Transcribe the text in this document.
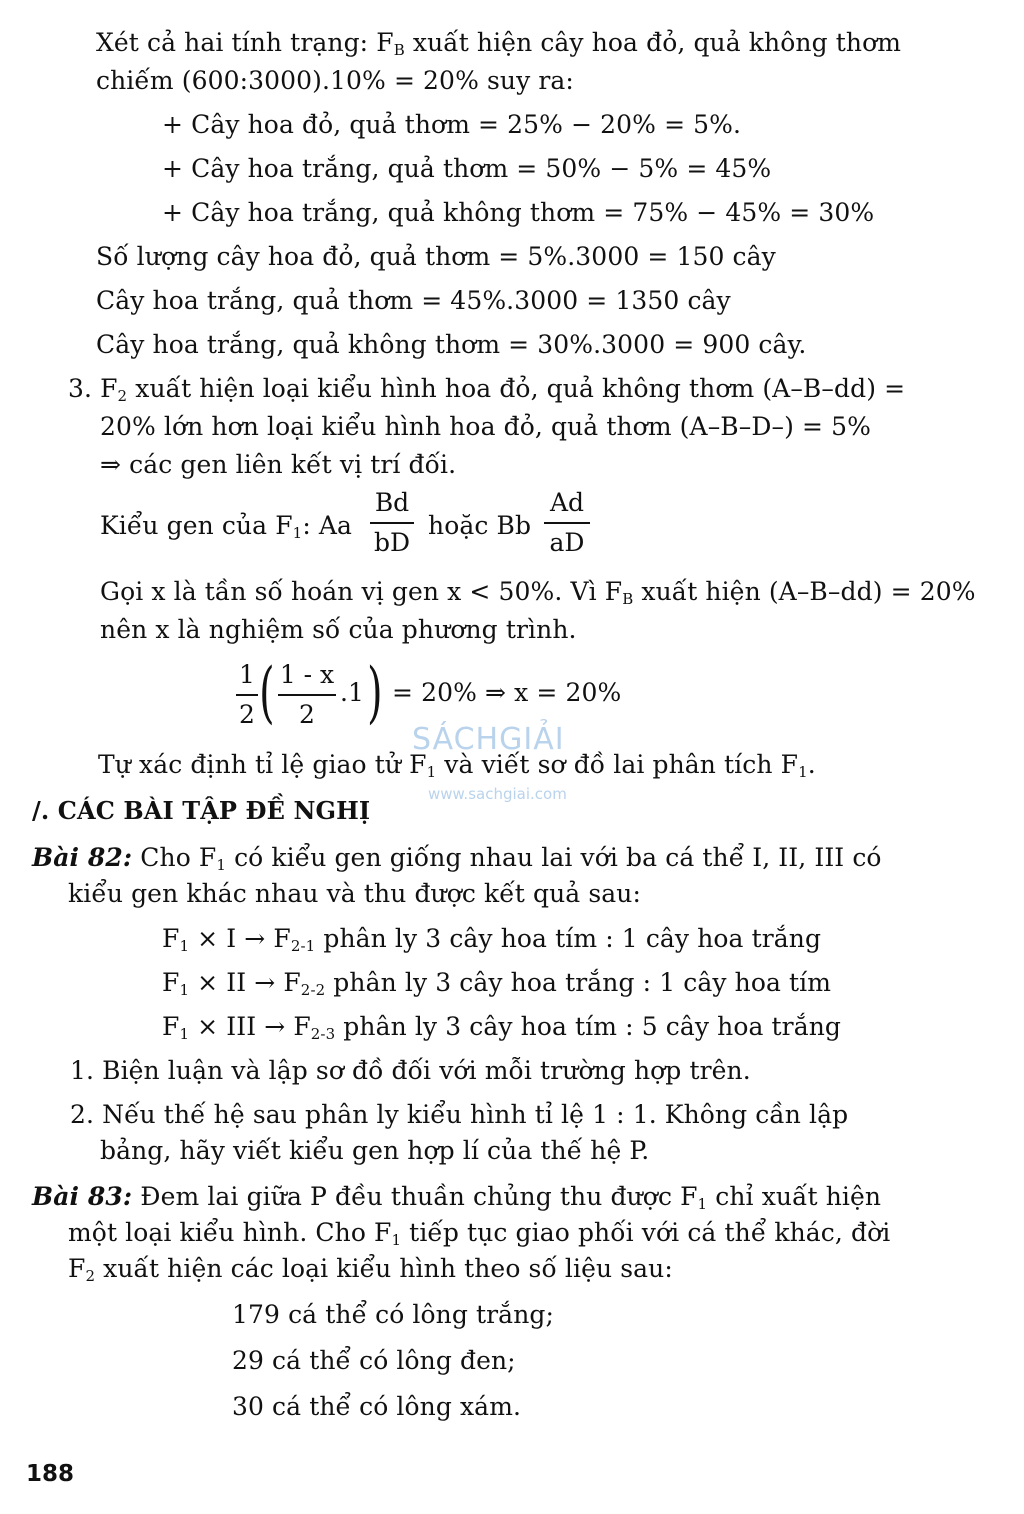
Xét cả hai tính trạng: $F_B$ xuất hiện cây hoa đỏ, quả không thơm
chiếm (600:3000).10% = 20% suy ra:
+ Cây hoa đỏ, quả thơm = 25% − 20% = 5%.
+ Cây hoa trắng, quả thơm = 50% − 5% = 45%
+ Cây hoa trắng, quả không thơm = 75% − 45% = 30%
Số lượng cây hoa đỏ, quả thơm = 5%.3000 = 150 cây
Cây hoa trắng, quả thơm = 45%.3000 = 1350 cây
Cây hoa trắng, quả không thơm = 30%.3000 = 900 cây.
3. $F_2$ xuất hiện loại kiểu hình hoa đỏ, quả không thơm (A–B–dd) =
20% lớn hơn loại kiểu hình hoa đỏ, quả thơm (A–B–D–) = 5%
⇒ các gen liên kết vị trí đối.
Kiểu gen của $F_1$: Aa
Bd
bD
hoặc Bb
Ad
aD
Gọi x là tần số hoán vị gen x < 50%. Vì $F_B$ xuất hiện (A–B–dd) = 20%
nên x là nghiệm số của phương trình.
1
2 ( 1 - x
2
.1 ) = 20% ⇒ x = 20%
SÁCHGIẢI
www.sachgiai.com
Tự xác định tỉ lệ giao tử $F_1$ và viết sơ đồ lai phân tích $F_1$.
/. CÁC BÀI TẬP ĐỀ NGHỊ
Bài 82: Cho $F_1$ có kiểu gen giống nhau lai với ba cá thể I, II, III có
kiểu gen khác nhau và thu được kết quả sau:
$F_1 \times I \to F_{2-1}$ phân ly 3 cây hoa tím : 1 cây hoa trắng
$F_1$ × II → $F_{2-2}$ phân ly 3 cây hoa trắng : 1 cây hoa tím
$F_1$ × III → $F_{2-3}$ phân ly 3 cây hoa tím : 5 cây hoa trắng
1. Biện luận và lập sơ đồ đối với mỗi trường hợp trên.
2. Nếu thế hệ sau phân ly kiểu hình tỉ lệ 1 : 1. Không cần lập
bảng, hãy viết kiểu gen hợp lí của thế hệ P.
Bài 83: Đem lai giữa P đều thuần chủng thu được $F_1$ chỉ xuất hiện
một loại kiểu hình. Cho $F_1$ tiếp tục giao phối với cá thể khác, đời
$F_2$ xuất hiện các loại kiểu hình theo số liệu sau:
179 cá thể có lông trắng;
29 cá thể có lông đen;
30 cá thể có lông xám.
188
